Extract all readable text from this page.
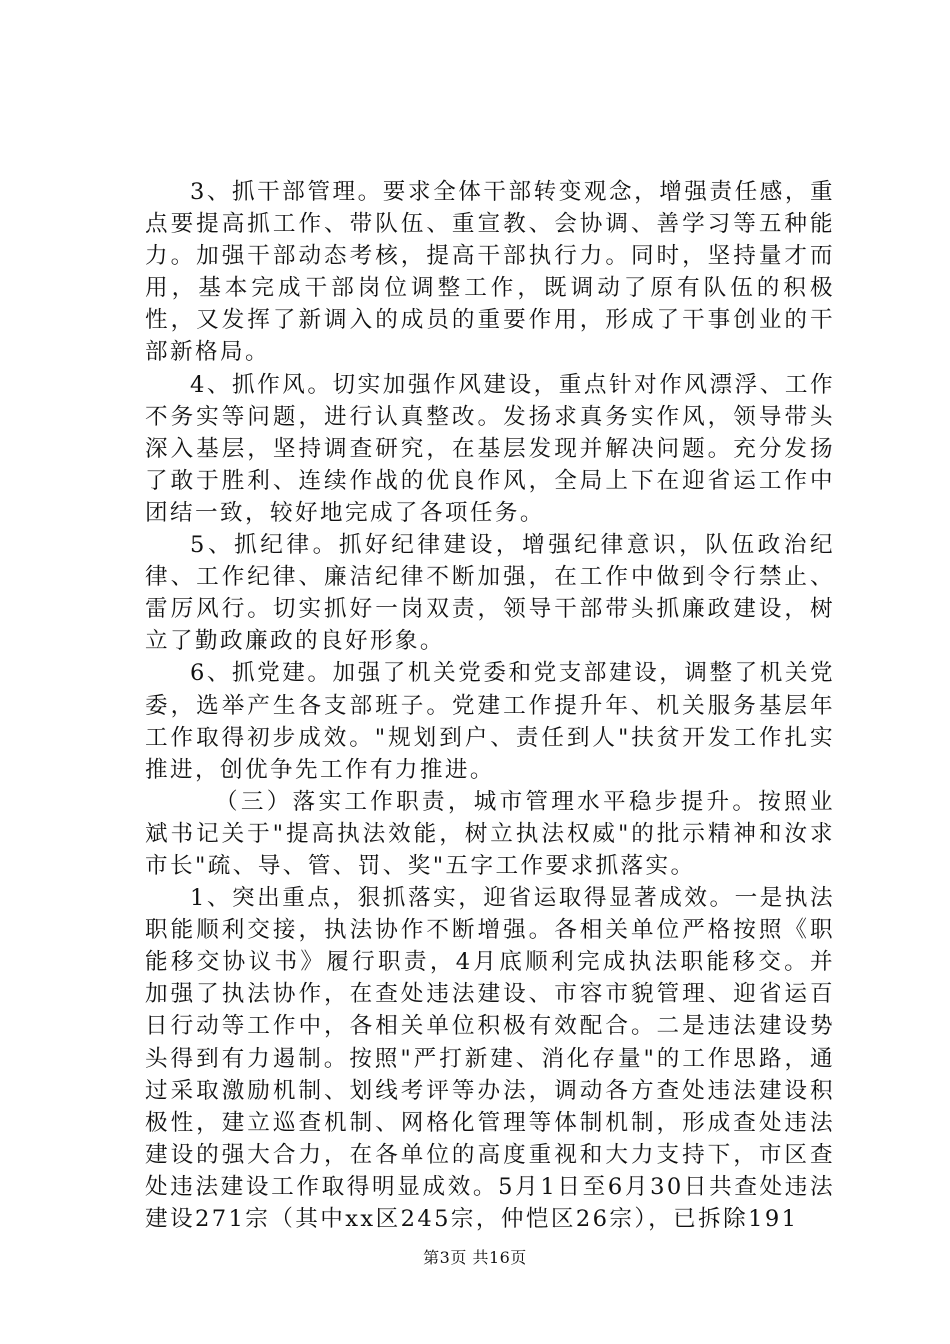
3、抓干部管理。要求全体干部转变观念，增强责任感，重点要提高抓工作、带队伍、重宣教、会协调、善学习等五种能力。加强干部动态考核，提高干部执行力。同时，坚持量才而用，基本完成干部岗位调整工作，既调动了原有队伍的积极性，又发挥了新调入的成员的重要作用，形成了干事创业的干部新格局。

4、抓作风。切实加强作风建设，重点针对作风漂浮、工作不务实等问题，进行认真整改。发扬求真务实作风，领导带头深入基层，坚持调查研究，在基层发现并解决问题。充分发扬了敢于胜利、连续作战的优良作风，全局上下在迎省运工作中团结一致，较好地完成了各项任务。

5、抓纪律。抓好纪律建设，增强纪律意识，队伍政治纪律、工作纪律、廉洁纪律不断加强，在工作中做到令行禁止、雷厉风行。切实抓好一岗双责，领导干部带头抓廉政建设，树立了勤政廉政的良好形象。

6、抓党建。加强了机关党委和党支部建设，调整了机关党委，选举产生各支部班子。党建工作提升年、机关服务基层年工作取得初步成效。"规划到户、责任到人"扶贫开发工作扎实推进，创优争先工作有力推进。

（三）落实工作职责，城市管理水平稳步提升。按照业斌书记关于"提高执法效能，树立执法权威"的批示精神和汝求市长"疏、导、管、罚、奖"五字工作要求抓落实。

1、突出重点，狠抓落实，迎省运取得显著成效。一是执法职能顺利交接，执法协作不断增强。各相关单位严格按照《职能移交协议书》履行职责，4月底顺利完成执法职能移交。并加强了执法协作，在查处违法建设、市容市貌管理、迎省运百日行动等工作中，各相关单位积极有效配合。二是违法建设势头得到有力遏制。按照"严打新建、消化存量"的工作思路，通过采取激励机制、划线考评等办法，调动各方查处违法建设积极性，建立巡查机制、网格化管理等体制机制，形成查处违法建设的强大合力，在各单位的高度重视和大力支持下，市区查处违法建设工作取得明显成效。5月1日至6月30日共查处违法建设271宗（其中xx区245宗，仲恺区26宗），已拆除191

第3页 共16页
